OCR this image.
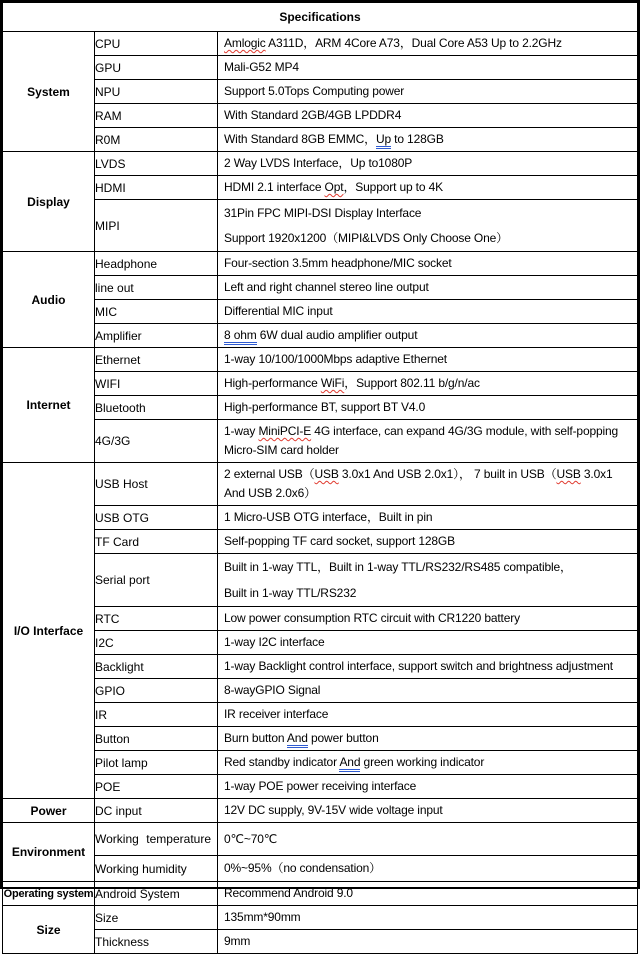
Specifications		
System	CPU	Amlogic A311D，ARM 4Core A73，Dual Core A53 Up to 2.2GHz

	GPU	Mali-G52 MP4

	NPU	Support 5.0Tops Computing power

	RAM	With Standard 2GB/4GB LPDDR4

	R0M	With Standard 8GB EMMC，Up to 128GB

Display	LVDS	2 Way LVDS Interface，Up to1080P

	HDMI	HDMI 2.1 interface Opt，Support up to 4K

	MIPI	31Pin FPC MIPI-DSI Display Interface
Support 1920x1200（MIPI&LVDS Only Choose One）

Audio	Headphone	Four-section 3.5mm headphone/MIC socket

	line out	Left and right channel stereo line output

	MIC	Differential MIC input

	Amplifier	8 ohm 6W dual audio amplifier output

Internet	Ethernet	1-way 10/100/1000Mbps adaptive Ethernet

	WIFI	High-performance WiFi，Support 802.11 b/g/n/ac

	Bluetooth	High-performance BT, support BT V4.0

	4G/3G	1-way MiniPCI-E 4G interface, can expand 4G/3G module, with self-popping Micro-SIM card holder

I/O Interface	USB Host	2 external USB（USB 3.0x1 And USB 2.0x1）， 7 built in USB（USB 3.0x1 And USB 2.0x6）

	USB OTG	1 Micro-USB OTG interface，Built in pin

	TF Card	Self-popping TF card socket, support 128GB

	Serial port	Built in 1-way TTL，Built in 1-way TTL/RS232/RS485 compatible，
Built in 1-way TTL/RS232

	RTC	Low power consumption RTC circuit with CR1220 battery

	I2C	1-way I2C interface

	Backlight	1-way Backlight control interface, support switch and brightness adjustment

	GPIO	8-wayGPIO Signal

	IR	IR receiver interface

	Button	Burn button And power button

	Pilot lamp	Red standby indicator And green working indicator

	POE	1-way POE power receiving interface

Power	DC input	12V DC supply, 9V-15V wide voltage input

Environment	Working temperature	0℃~70℃

	Working humidity	0%~95%（no condensation）

Operating system	Android System	Recommend Android 9.0

Size	Size	135mm*90mm

	Thickness	9mm
